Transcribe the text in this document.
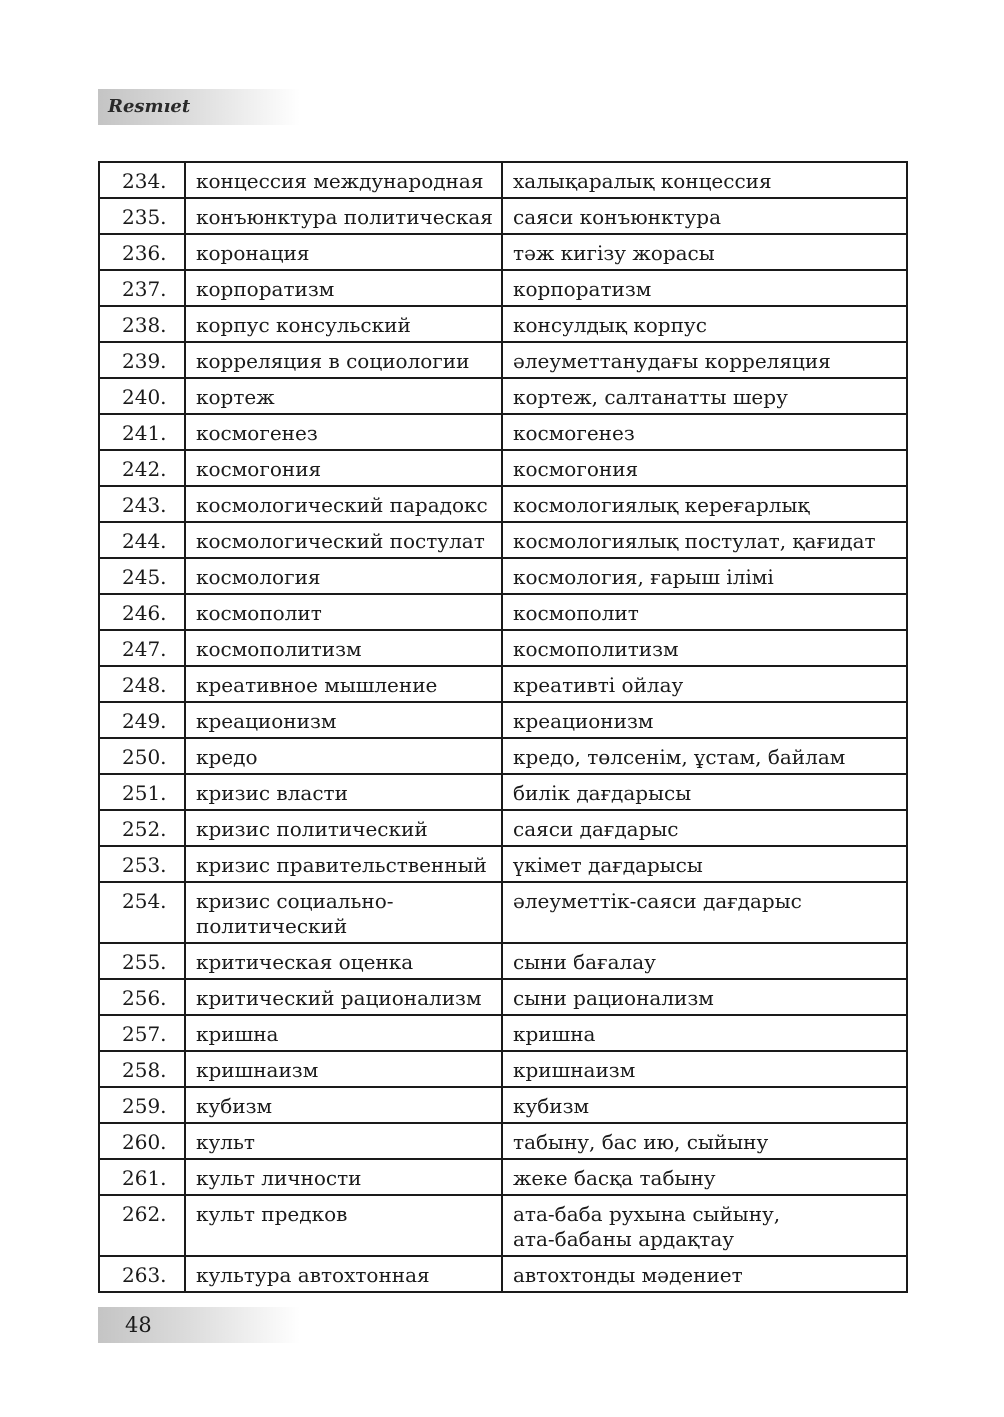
Resmıet
234.	концессия международная	халықаралық концессия
235.	конъюнктура политическая	саяси конъюнктура
236.	коронация	тәж кигізу жорасы
237.	корпоратизм	корпоратизм
238.	корпус консульский	консулдық корпус
239.	корреляция в социологии	әлеуметтанудағы корреляция
240.	кортеж	кортеж, салтанатты шеру
241.	космогенез	космогенез
242.	космогония	космогония
243.	космологический парадокс	космологиялық кереғарлық
244.	космологический постулат	космологиялық постулат, қағидат
245.	космология	космология, ғарыш ілімі
246.	космополит	космополит
247.	космополитизм	космополитизм
248.	креативное мышление	креативті ойлау
249.	креационизм	креационизм
250.	кредо	кредо, төлсенім, ұстам, байлам
251.	кризис власти	билік дағдарысы
252.	кризис политический	саяси дағдарыс
253.	кризис правительственный	үкімет дағдарысы
254.	кризис социально-политический	әлеуметтік-саяси дағдарыс
255.	критическая оценка	сыни бағалау
256.	критический рационализм	сыни рационализм
257.	кришна	кришна
258.	кришнаизм	кришнаизм
259.	кубизм	кубизм
260.	культ	табыну, бас ию, сыйыну
261.	культ личности	жеке басқа табыну
262.	культ предков	ата-баба рухына сыйыну, ата-бабаны ардақтау
263.	культура автохтонная	автохтонды мәдениет
48
